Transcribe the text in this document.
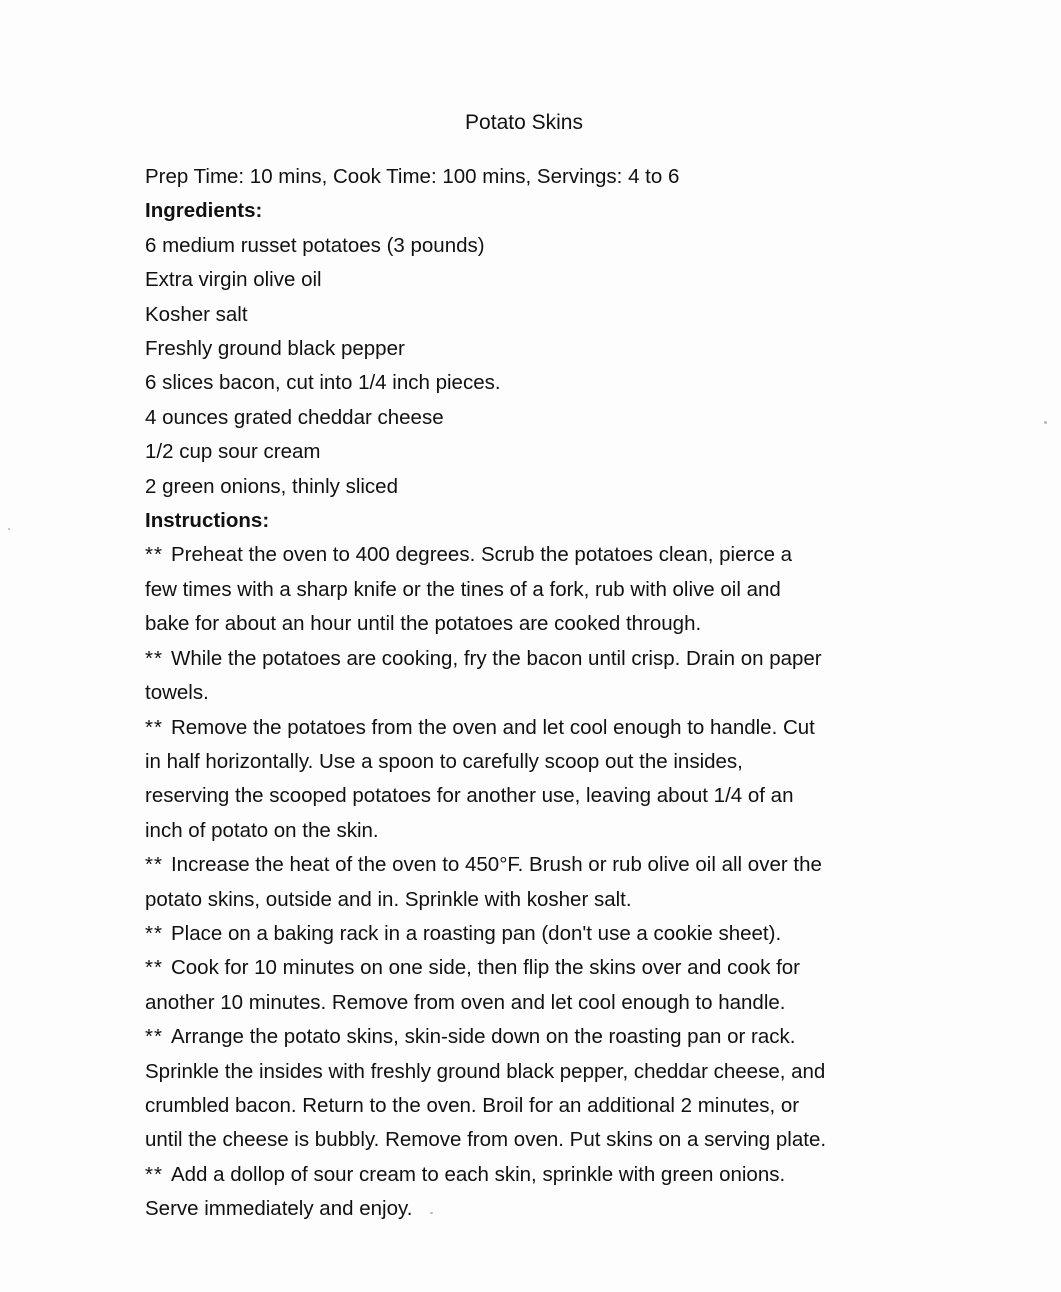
Potato Skins
Prep Time: 10 mins, Cook Time: 100 mins, Servings: 4 to 6
Ingredients:
6 medium russet potatoes (3 pounds)
Extra virgin olive oil
Kosher salt
Freshly ground black pepper
6 slices bacon, cut into 1/4 inch pieces.
4 ounces grated cheddar cheese
1/2 cup sour cream
2 green onions, thinly sliced
Instructions:
** Preheat the oven to 400 degrees. Scrub the potatoes clean, pierce a
few times with a sharp knife or the tines of a fork, rub with olive oil and
bake for about an hour until the potatoes are cooked through.
** While the potatoes are cooking, fry the bacon until crisp. Drain on paper
towels.
** Remove the potatoes from the oven and let cool enough to handle. Cut
in half horizontally. Use a spoon to carefully scoop out the insides,
reserving the scooped potatoes for another use, leaving about 1/4 of an
inch of potato on the skin.
** Increase the heat of the oven to 450°F. Brush or rub olive oil all over the
potato skins, outside and in. Sprinkle with kosher salt.
** Place on a baking rack in a roasting pan (don't use a cookie sheet).
** Cook for 10 minutes on one side, then flip the skins over and cook for
another 10 minutes. Remove from oven and let cool enough to handle.
** Arrange the potato skins, skin-side down on the roasting pan or rack.
Sprinkle the insides with freshly ground black pepper, cheddar cheese, and
crumbled bacon. Return to the oven. Broil for an additional 2 minutes, or
until the cheese is bubbly. Remove from oven. Put skins on a serving plate.
** Add a dollop of sour cream to each skin, sprinkle with green onions.
Serve immediately and enjoy.
